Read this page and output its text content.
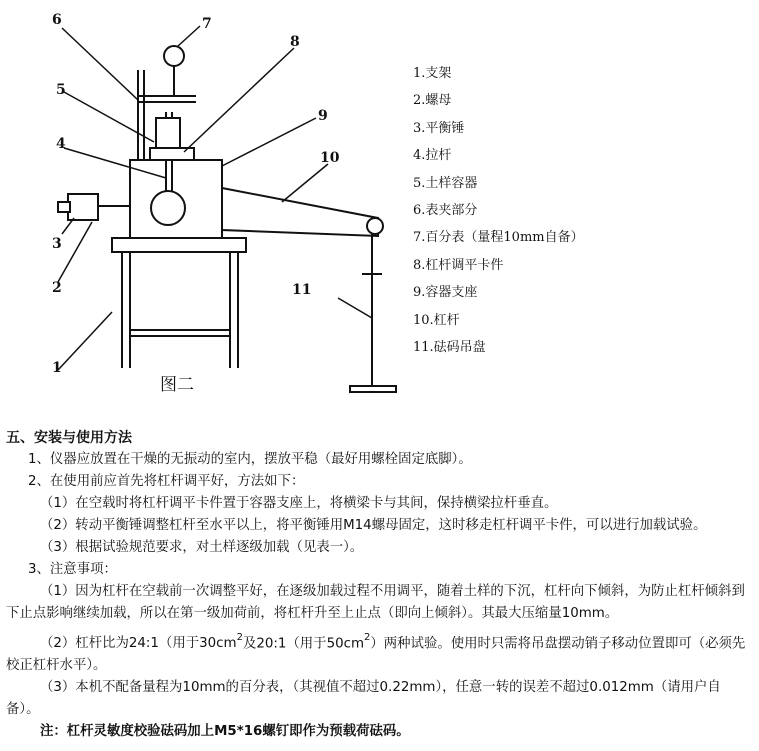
6	7
8
5
9
4
10
3
2	11
1
图二
1.支架
2.螺母
3.平衡锤
4.拉杆
5.土样容器
6.表夹部分
7.百分表（量程10mm自备）
8.杠杆调平卡件
9.容器支座
10.杠杆
11.砝码吊盘
五、安装与使用方法
1、仪器应放置在干燥的无振动的室内，摆放平稳（最好用螺栓固定底脚）。
2、在使用前应首先将杠杆调平好，方法如下：
（1）在空载时将杠杆调平卡件置于容器支座上，将横梁卡与其间，保持横梁拉杆垂直。
（2）转动平衡锤调整杠杆至水平以上，将平衡锤用M14螺母固定，这时移走杠杆调平卡件，可以进行加载试验。
（3）根据试验规范要求，对土样逐级加载（见表一）。
3、注意事项：
（1）因为杠杆在空载前一次调整平好，在逐级加载过程不用调平，随着土样的下沉，杠杆向下倾斜，为防止杠杆倾斜到下止点影响继续加载，所以在第一级加荷前，将杠杆升至上止点（即向上倾斜）。其最大压缩量10mm。
（2）杠杆比为24:1（用于$30cm^2$及20:1（用于$50cm^2$）两种试验。使用时只需将吊盘摆动销子移动位置即可（必须先校正杠杆水平）。
（3）本机不配备量程为10mm的百分表，（其视值不超过0.22mm），任意一转的误差不超过0.012mm（请用户自备）。
注：杠杆灵敏度校验砝码加上M5*16螺钉即作为预载荷砝码。
